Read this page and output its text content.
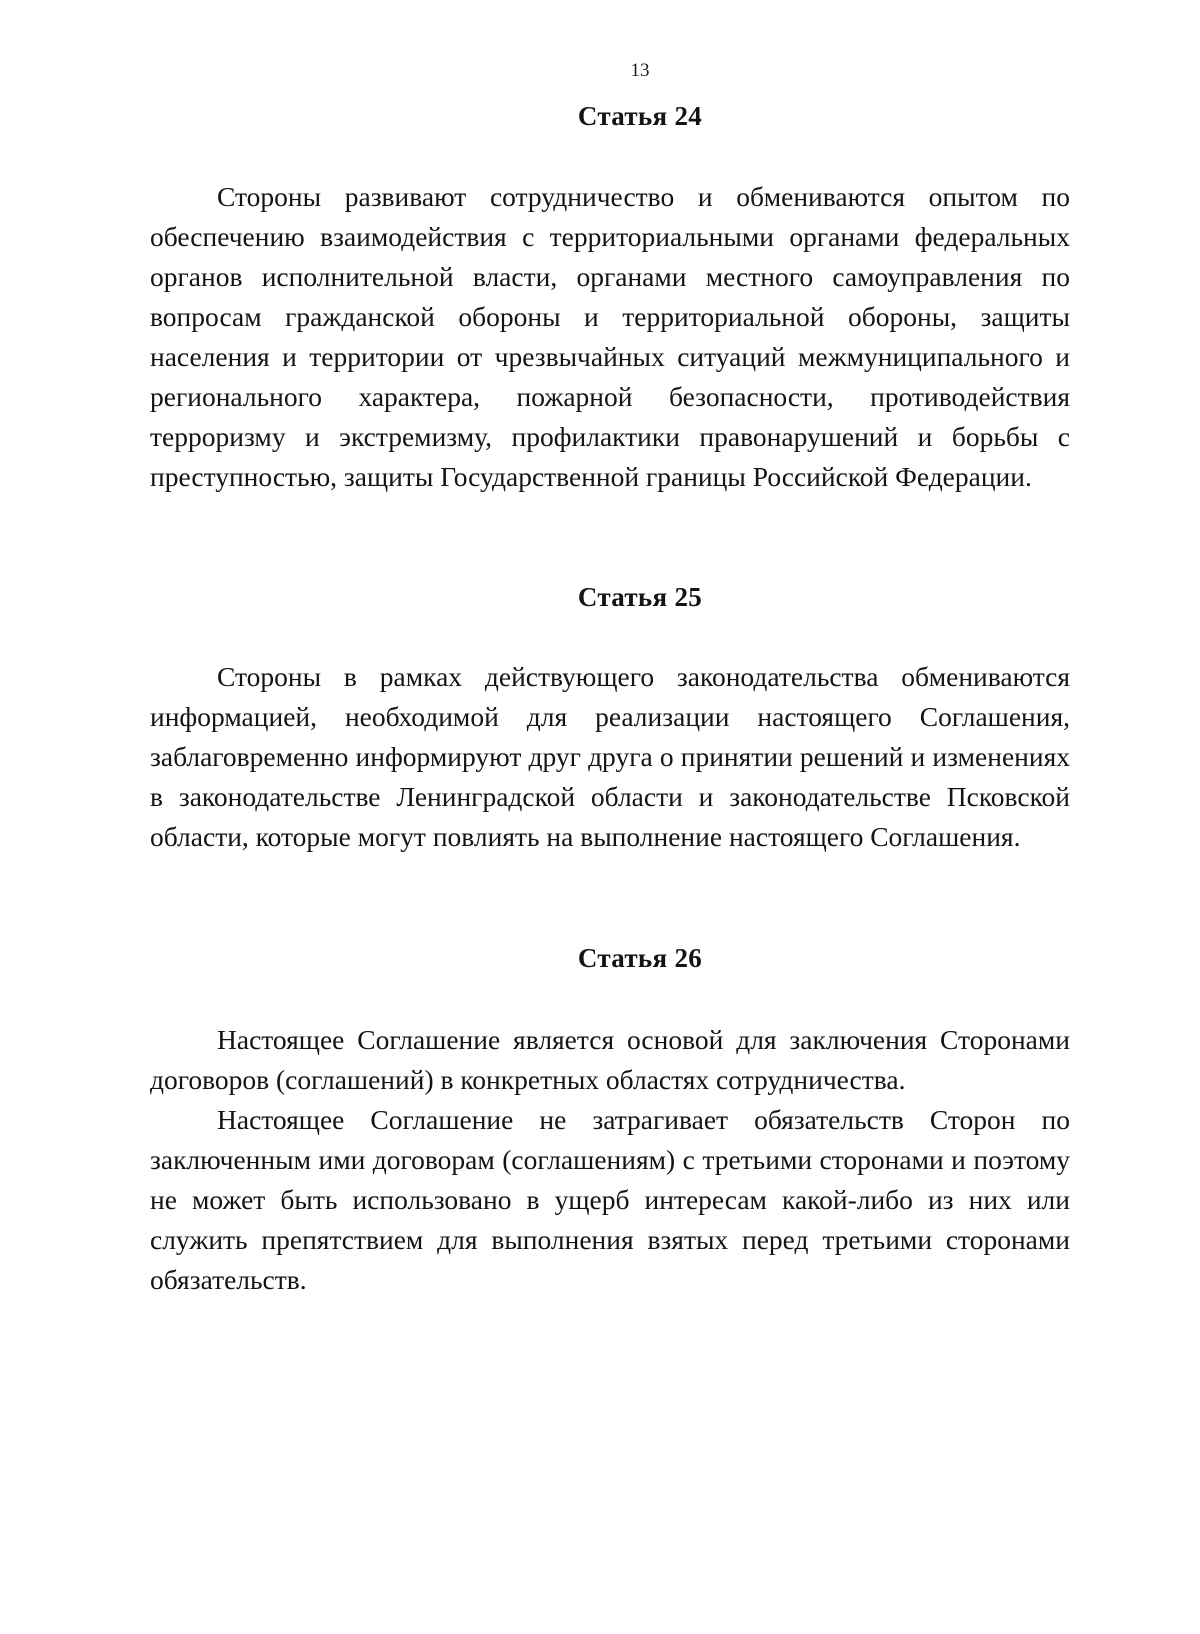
13
Статья 24

Стороны развивают сотрудничество и обмениваются опытом по обеспечению взаимодействия с территориальными органами федеральных органов исполнительной власти, органами местного самоуправления по вопросам гражданской обороны и территориальной обороны, защиты населения и территории от чрезвычайных ситуаций межмуниципального и регионального характера, пожарной безопасности, противодействия терроризму и экстремизму, профилактики правонарушений и борьбы с преступностью, защиты Государственной границы Российской Федерации.

Статья 25

Стороны в рамках действующего законодательства обмениваются информацией, необходимой для реализации настоящего Соглашения, заблаговременно информируют друг друга о принятии решений и изменениях в законодательстве Ленинградской области и законодательстве Псковской области, которые могут повлиять на выполнение настоящего Соглашения.

Статья 26

Настоящее Соглашение является основой для заключения Сторонами договоров (соглашений) в конкретных областях сотрудничества.

Настоящее Соглашение не затрагивает обязательств Сторон по заключенным ими договорам (соглашениям) с третьими сторонами и поэтому не может быть использовано в ущерб интересам какой-либо из них или служить препятствием для выполнения взятых перед третьими сторонами обязательств.
